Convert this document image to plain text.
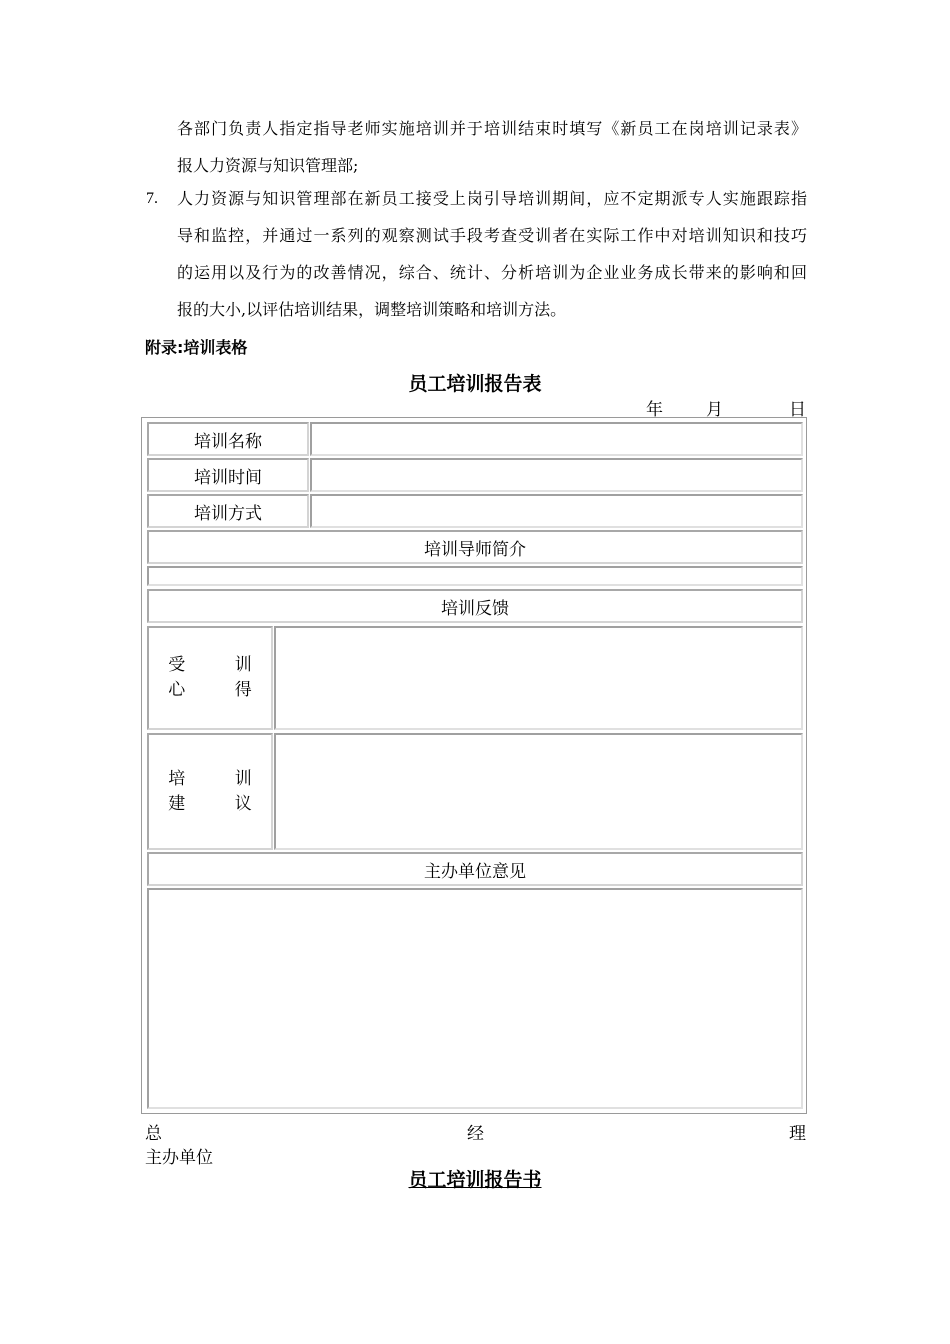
各部门负责人指定指导老师实施培训并于培训结束时填写《新员工在岗培训记录表》
报人力资源与知识管理部;
7. 人力资源与知识管理部在新员工接受上岗引导培训期间，应不定期派专人实施跟踪指
导和监控，并通过一系列的观察测试手段考查受训者在实际工作中对培训知识和技巧
的运用以及行为的改善情况，综合、统计、分析培训为企业业务成长带来的影响和回
报的大小,以评估培训结果，调整培训策略和培训方法。
附录:培训表格
员工培训报告表
年	月	日
培训名称
培训时间
培训方式
培训导师简介
培训反馈
受 训
心 得
培 训
建 议
主办单位意见
总	经	理
主办单位
员工培训报告书
